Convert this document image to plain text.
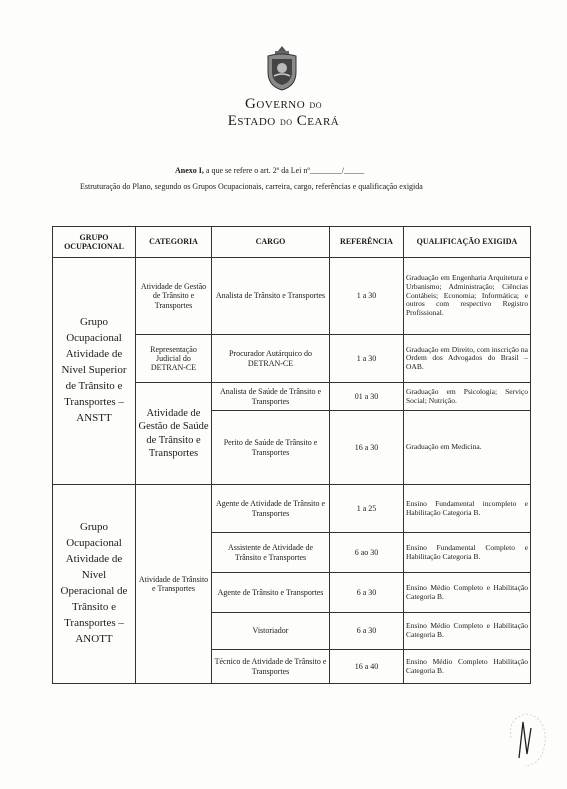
Governo do
Estado do Ceará
Anexo I, a que se refere o art. 2º da Lei nº________/_____
Estruturação do Plano, segundo os Grupos Ocupacionais, carreira, cargo, referências e qualificação exigida
GRUPO OCUPACIONAL	CATEGORIA	CARGO	REFERÊNCIA	QUALIFICAÇÃO EXIGIDA
Grupo Ocupacional Atividade de Nível Superior de Trânsito e Transportes – ANSTT	Atividade de Gestão de Trânsito e Transportes	Analista de Trânsito e Transportes	1 a 30	Graduação em Engenharia Arquitetura e Urbanismo; Administração; Ciências Contábeis; Economia; Informática; e outros com respectivo Registro Profissional.
	Representação Judicial do DETRAN-CE	Procurador Autárquico do DETRAN-CE	1 a 30	Graduação em Direito, com inscrição na Ordem dos Advogados do Brasil – OAB.
	Atividade de Gestão de Saúde de Trânsito e Transportes	Analista de Saúde de Trânsito e Transportes	01 a 30	Graduação em Psicologia; Serviço Social; Nutrição.
		Perito de Saúde de Trânsito e Transportes	16 a 30	Graduação em Medicina.
Grupo Ocupacional Atividade de Nível Operacional de Trânsito e Transportes – ANOTT	Atividade de Trânsito e Transportes	Agente de Atividade de Trânsito e Transportes	1 a 25	Ensino Fundamental incompleto e Habilitação Categoria B.
		Assistente de Atividade de Trânsito e Transportes	6 ao 30	Ensino Fundamental Completo e Habilitação Categoria B.
		Agente de Trânsito e Transportes	6 a 30	Ensino Médio Completo e Habilitação Categoria B.
		Vistoriador	6 a 30	Ensino Médio Completo e Habilitação Categoria B.
		Técnico de Atividade de Trânsito e Transportes	16 a 40	Ensino Médio Completo Habilitação Categoria B.
